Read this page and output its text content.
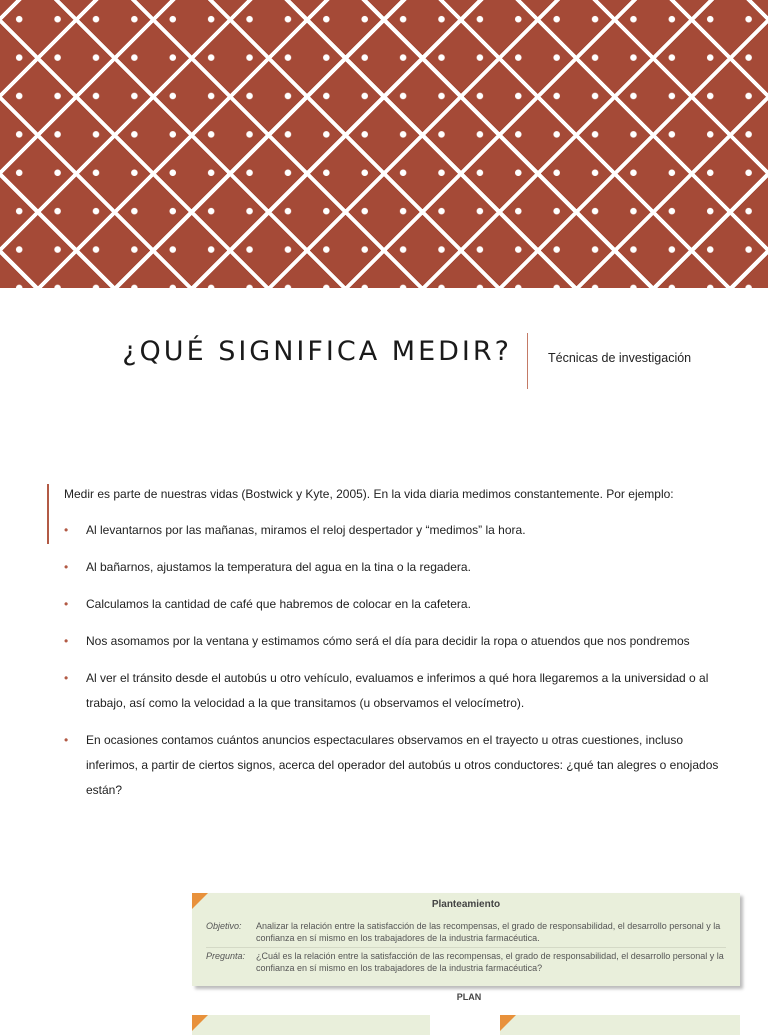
¿QUÉ SIGNIFICA MEDIR?	Técnicas de investigación
Medir es parte de nuestras vidas (Bostwick y Kyte, 2005). En la vida diaria medimos constantemente. Por ejemplo:
• Al levantarnos por las mañanas, miramos el reloj despertador y “medimos” la hora.
• Al bañarnos, ajustamos la temperatura del agua en la tina o la regadera.
• Calculamos la cantidad de café que habremos de colocar en la cafetera.
• Nos asomamos por la ventana y estimamos cómo será el día para decidir la ropa o atuendos que nos pondremos
• Al ver el tránsito desde el autobús u otro vehículo, evaluamos e inferimos a qué hora llegaremos a la universidad o al trabajo, así como la velocidad a la que transitamos (u observamos el velocímetro).
• En ocasiones contamos cuántos anuncios espectaculares observamos en el trayecto u otras cuestiones, incluso inferimos, a partir de ciertos signos, acerca del operador del autobús u otros conductores: ¿qué tan alegres o enojados están?
Planteamiento
Objetivo:	Analizar la relación entre la satisfacción de las recompensas, el grado de responsabilidad, el desarrollo personal y la confianza en sí mismo en los trabajadores de la industria farmacéutica.
Pregunta:	¿Cuál es la relación entre la satisfacción de las recompensas, el grado de responsabilidad, el desarrollo personal y la confianza en sí mismo en los trabajadores de la industria farmacéutica?
PLAN
